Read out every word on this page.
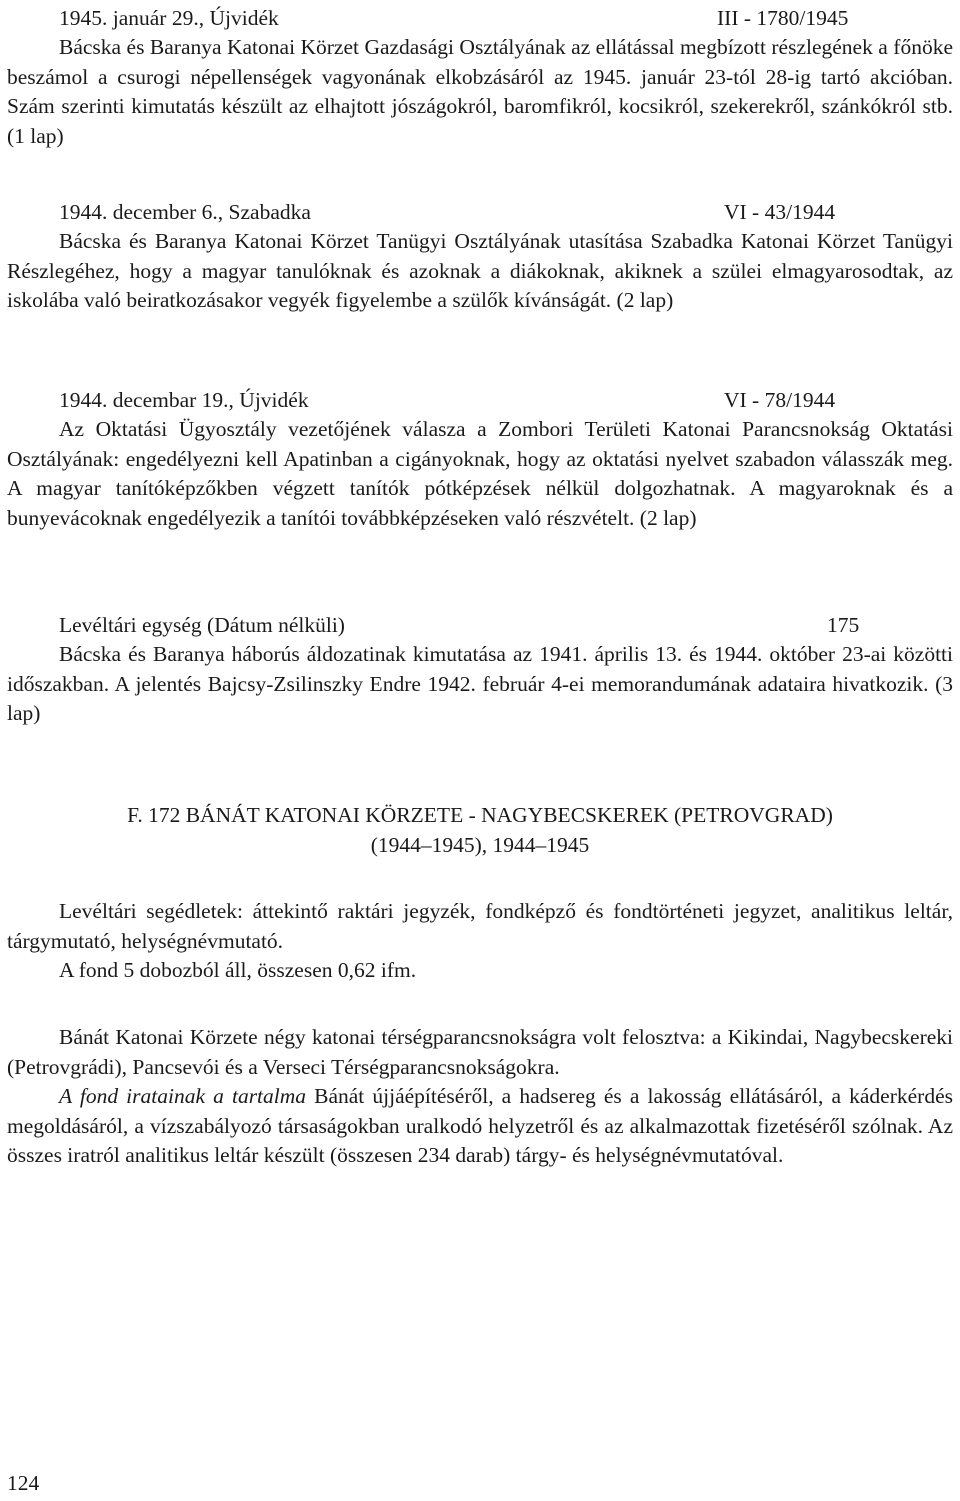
1945. január 29., Újvidék	III - 1780/1945

Bácska és Baranya Katonai Körzet Gazdasági Osztályának az ellátással megbízott részlegének a főnöke beszámol a csurogi népellenségek vagyonának elkobzásáról az 1945. január 23-tól 28-ig tartó akcióban. Szám szerinti kimutatás készült az elhajtott jószágokról, baromfikról, kocsikról, szekerekről, szánkókról stb. (1 lap)

1944. december 6., Szabadka	VI - 43/1944

Bácska és Baranya Katonai Körzet Tanügyi Osztályának utasítása Szabadka Katonai Körzet Tanügyi Részlegéhez, hogy a magyar tanulóknak és azoknak a diákoknak, akiknek a szülei elmagyarosodtak, az iskolába való beiratkozásakor vegyék figyelembe a szülők kívánságát. (2 lap)

1944. decembar 19., Újvidék	VI - 78/1944

Az Oktatási Ügyosztály vezetőjének válasza a Zombori Területi Katonai Parancsnokság Oktatási Osztályának: engedélyezni kell Apatinban a cigányoknak, hogy az oktatási nyelvet szabadon válasszák meg. A magyar tanítóképzőkben végzett tanítók pótképzések nélkül dolgozhatnak. A magyaroknak és a bunyevácoknak engedélyezik a tanítói továbbképzéseken való részvételt. (2 lap)

Levéltári egység (Dátum nélküli)	175

Bácska és Baranya háborús áldozatinak kimutatása az 1941. április 13. és 1944. október 23-ai közötti időszakban. A jelentés Bajcsy-Zsilinszky Endre 1942. február 4-ei memorandumának adataira hivatkozik. (3 lap)

F. 172 BÁNÁT KATONAI KÖRZETE - NAGYBECSKEREK (PETROVGRAD)

(1944–1945), 1944–1945

Levéltári segédletek: áttekintő raktári jegyzék, fondképző és fondtörténeti jegyzet, analitikus leltár, tárgymutató, helységnévmutató.

A fond 5 dobozból áll, összesen 0,62 ifm.

Bánát Katonai Körzete négy katonai térségparancsnokságra volt felosztva: a Kikindai, Nagybecskereki (Petrovgrádi), Pancsevói és a Verseci Térségparancsnokságokra.

A fond iratainak a tartalma Bánát újjáépítéséről, a hadsereg és a lakosság ellátásáról, a káderkérdés megoldásáról, a vízszabályozó társaságokban uralkodó helyzetről és az alkalmazottak fizetéséről szólnak. Az összes iratról analitikus leltár készült (összesen 234 darab) tárgy- és helységnévmutatóval.

124
